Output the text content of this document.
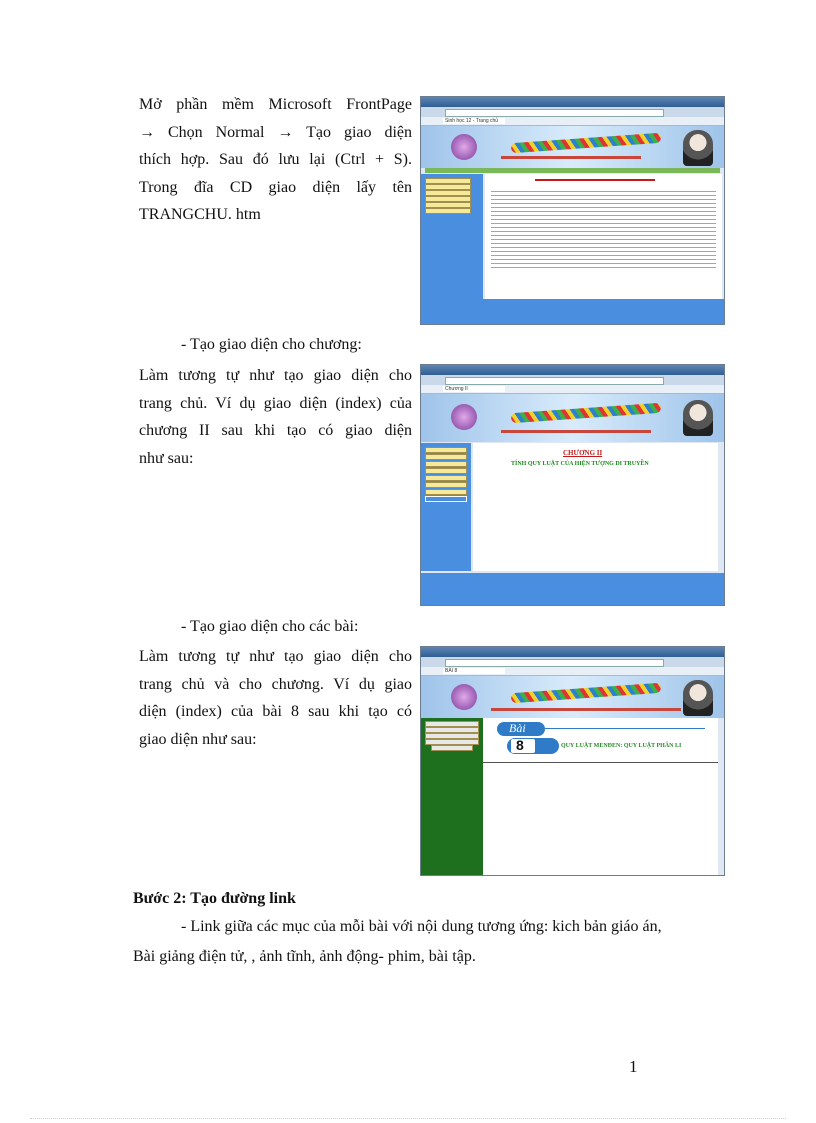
Mở phần mềm Microsoft FrontPage
→ Chọn Normal → Tạo giao diện
thích hợp. Sau đó lưu lại (Ctrl + S).
Trong đĩa CD giao diện lấy tên
TRANGCHU. htm
Sinh học 12 - Trang chủ
- Tạo giao diện cho chương:
Làm tương tự như tạo giao diện cho
trang chủ. Ví dụ giao diện (index) của
chương II sau khi tạo có giao diện
như sau:
Chương II
CHƯƠNG II
TÍNH QUY LUẬT CỦA HIỆN TƯỢNG DI TRUYỀN
- Tạo giao diện cho các bài:
Làm tương tự như tạo giao diện cho
trang chủ và cho chương. Ví dụ giao
diện (index) của bài 8 sau khi tạo có
giao diện như sau:
BÀI 8
Bài
8	QUY LUẬT MENĐEN: QUY LUẬT PHÂN LI
Bước 2: Tạo đường link
- Link giữa các mục của mỗi bài với nội dung tương ứng: kich bản giáo án,
Bài giảng điện tử, , ảnh tĩnh, ảnh động- phim, bài tập.
1
